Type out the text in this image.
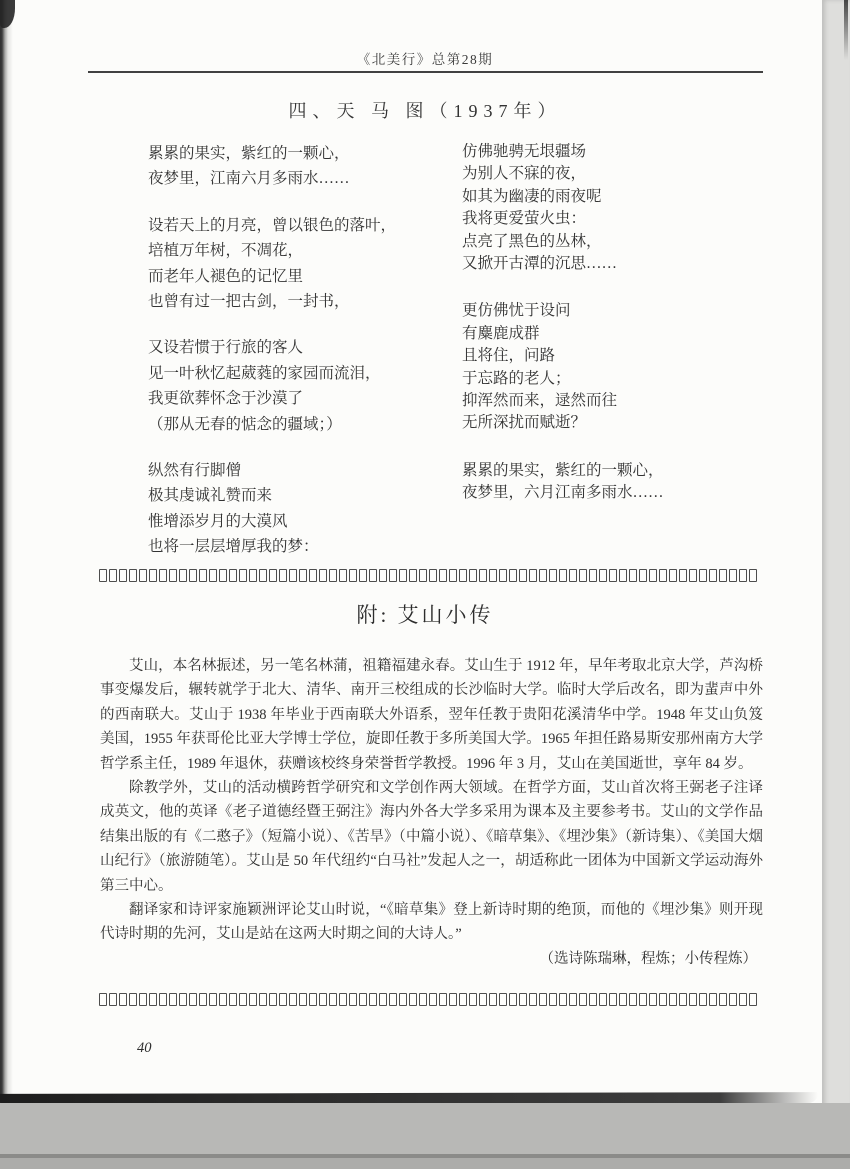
《北美行》总第28期
四、天 马 图（1937年）
累累的果实，紫红的一颗心，
夜梦里，江南六月多雨水……
设若天上的月亮，曾以银色的落叶，
培植万年树，不凋花，
而老年人褪色的记忆里
也曾有过一把古剑，一封书，
又设若惯于行旅的客人
见一叶秋忆起葳蕤的家园而流泪，
我更欲葬怀念于沙漠了
（那从无春的惦念的疆域；）
纵然有行脚僧
极其虔诚礼赞而来
惟增添岁月的大漠风
也将一层层增厚我的梦：
仿佛驰骋无垠疆场
为别人不寐的夜，
如其为幽凄的雨夜呢
我将更爱萤火虫：
点亮了黑色的丛林，
又掀开古潭的沉思……
更仿佛忧于设问
有麋鹿成群
且将住，问路
于忘路的老人；
抑浑然而来，逯然而往
无所深扰而赋逝？
累累的果实，紫红的一颗心，
夜梦里，六月江南多雨水……
附: 艾山小传

艾山，本名林振述，另一笔名林蒲，祖籍福建永春。艾山生于 1912 年，早年考取北京大学，芦沟桥事变爆发后，辗转就学于北大、清华、南开三校组成的长沙临时大学。临时大学后改名，即为蜚声中外的西南联大。艾山于 1938 年毕业于西南联大外语系，翌年任教于贵阳花溪清华中学。1948 年艾山负笈美国，1955 年获哥伦比亚大学博士学位，旋即任教于多所美国大学。1965 年担任路易斯安那州南方大学哲学系主任，1989 年退休，获赠该校终身荣誉哲学教授。1996 年 3 月，艾山在美国逝世，享年 84 岁。

除教学外，艾山的活动横跨哲学研究和文学创作两大领域。在哲学方面，艾山首次将王弼老子注译成英文，他的英译《老子道德经暨王弼注》海内外各大学多采用为课本及主要参考书。艾山的文学作品结集出版的有《二憨子》（短篇小说）、《苦旱》（中篇小说）、《暗草集》、《埋沙集》（新诗集）、《美国大烟山纪行》（旅游随笔）。艾山是 50 年代纽约“白马社”发起人之一，胡适称此一团体为中国新文学运动海外第三中心。

翻译家和诗评家施颖洲评论艾山时说，“《暗草集》登上新诗时期的绝顶，而他的《埋沙集》则开现代诗时期的先河，艾山是站在这两大时期之间的大诗人。”

（选诗陈瑞琳，程炼；小传程炼）

40
